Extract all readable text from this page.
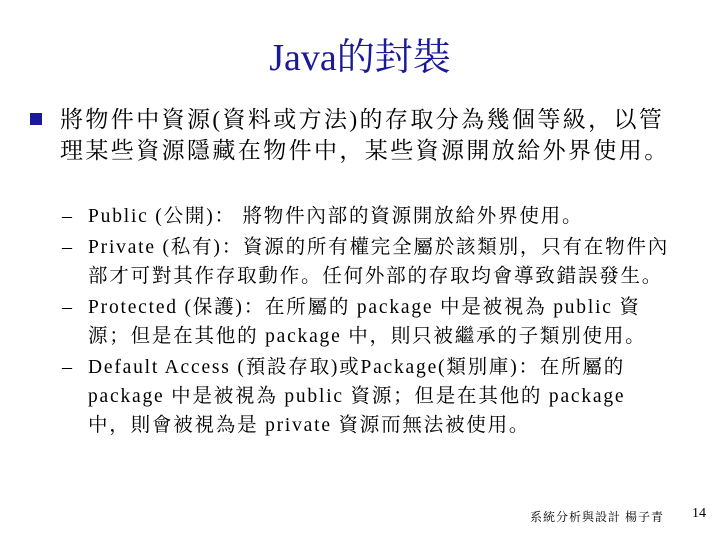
Java的封裝
將物件中資源(資料或方法)的存取分為幾個等級，以管理某些資源隱藏在物件中，某些資源開放給外界使用。
– Public (公開)： 將物件內部的資源開放給外界使用。
– Private (私有)：資源的所有權完全屬於該類別，只有在物件內部才可對其作存取動作。任何外部的存取均會導致錯誤發生。
– Protected (保護)：在所屬的 package 中是被視為 public 資源；但是在其他的 package 中，則只被繼承的子類別使用。
– Default Access (預設存取)或Package(類別庫)：在所屬的 package 中是被視為 public 資源；但是在其他的 package 中，則會被視為是 private 資源而無法被使用。
系統分析與設計 楊子青 14
